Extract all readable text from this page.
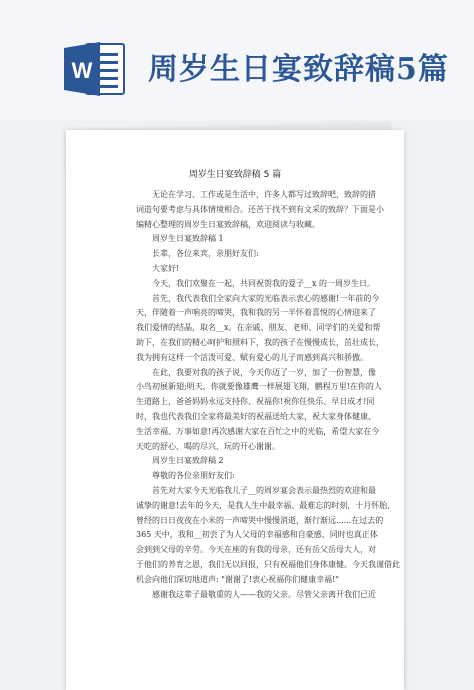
W 周岁生日宴致辞稿5篇
周岁生日宴致辞稿 5 篇
无论在学习、工作或是生活中，许多人都写过致辞吧，致辞的措
词造句要考虑与具体情境相合。还苦于找不到有文采的致辞？下面是小
编精心整理的周岁生日宴致辞稿，欢迎阅读与收藏。
周岁生日宴致辞稿 1
长辈，各位来宾，亲朋好友们:
大家好!
今天，我们欢聚在一起，共同祝贺我的爱子__x 的一周岁生日。
首先，我代表我们全家向大家的光临表示衷心的感谢!一年前的今
天，伴随着一声响亮的啼哭，我和我的另一半怀着喜悦的心情迎来了
我们爱情的结晶，取名__x。在亲戚、朋友、老师、同学们的关爱和帮
助下，在我们的精心呵护和照料下，我的孩子在慢慢成长，茁壮成长，
我为拥有这样一个活泼可爱、赋有爱心的儿子而感到高兴和骄傲。
在此，我要对我的孩子说，今天你迈了一岁，加了一份智慧，像
小鸟初展新翅;明天，你就要像雄鹰一样展翅飞翔，鹏程万里!在你的人
生道路上，爸爸妈妈永远支持你、祝福你!祝你任快乐、早日成才!同
时，我也代表我们全家将最美好的祝福送给大家，祝大家身体健康、
生活幸福、万事如意!再次感谢大家在百忙之中的光临，希望大家在今
天吃的舒心、喝的尽兴、玩的开心谢谢。
周岁生日宴致辞稿 2
尊敬的各位亲朋好友们:
首先对大家今天光临我儿子__的周岁宴会表示最热烈的欢迎和最
诚挚的谢意!去年的今天，是我人生中最幸福、最难忘的时刻，十月怀胎，
曾经的日日夜夜在小米的一声啼哭中慢慢消逝，渐行渐远......在过去的
365 天中，我和__初尝了为人父母的幸福感和自豪感，同时也真正体
会到到父母的辛劳。今天在座的有我的母亲，还有岳父岳母大人，对
于他们的养育之恩，我们无以回报，只有祝福他们身体康健。今天我谨借此
机会向他们深切地道声: "谢谢了!衷心祝福你们健康幸福!"
感谢我这辈子最敬重的人——我的父亲。尽管父亲离开我们已近
